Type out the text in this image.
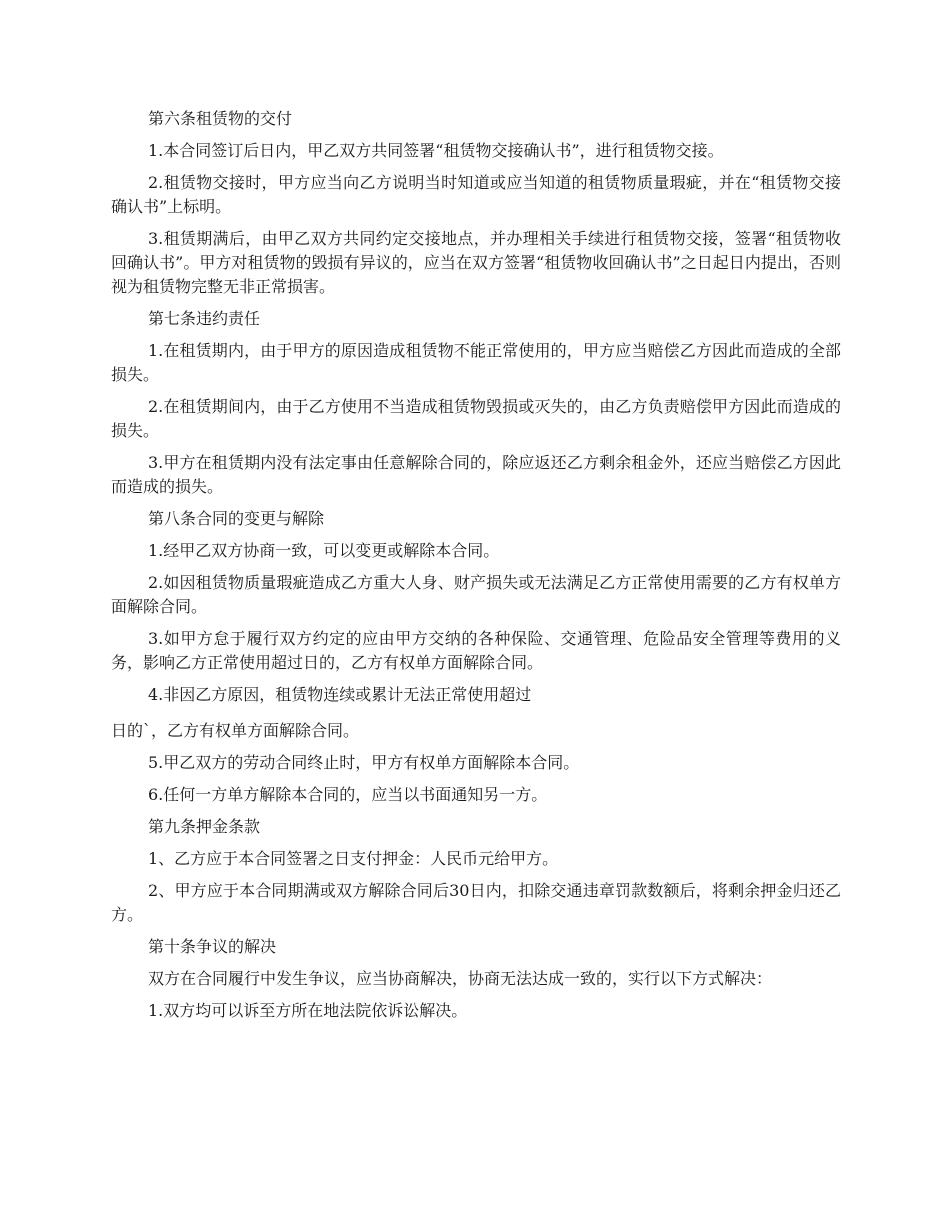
第六条租赁物的交付

1.本合同签订后日内，甲乙双方共同签署“租赁物交接确认书”，进行租赁物交接。

2.租赁物交接时，甲方应当向乙方说明当时知道或应当知道的租赁物质量瑕疵，并在“租赁物交接确认书”上标明。

3.租赁期满后，由甲乙双方共同约定交接地点，并办理相关手续进行租赁物交接，签署“租赁物收回确认书”。甲方对租赁物的毁损有异议的，应当在双方签署“租赁物收回确认书”之日起日内提出，否则视为租赁物完整无非正常损害。

第七条违约责任

1.在租赁期内，由于甲方的原因造成租赁物不能正常使用的，甲方应当赔偿乙方因此而造成的全部损失。

2.在租赁期间内，由于乙方使用不当造成租赁物毁损或灭失的，由乙方负责赔偿甲方因此而造成的损失。

3.甲方在租赁期内没有法定事由任意解除合同的，除应返还乙方剩余租金外，还应当赔偿乙方因此而造成的损失。

第八条合同的变更与解除

1.经甲乙双方协商一致，可以变更或解除本合同。

2.如因租赁物质量瑕疵造成乙方重大人身、财产损失或无法满足乙方正常使用需要的乙方有权单方面解除合同。

3.如甲方怠于履行双方约定的应由甲方交纳的各种保险、交通管理、危险品安全管理等费用的义务，影响乙方正常使用超过日的，乙方有权单方面解除合同。

4.非因乙方原因，租赁物连续或累计无法正常使用超过

日的`，乙方有权单方面解除合同。

5.甲乙双方的劳动合同终止时，甲方有权单方面解除本合同。

6.任何一方单方解除本合同的，应当以书面通知另一方。

第九条押金条款

1、乙方应于本合同签署之日支付押金：人民币元给甲方。

2、甲方应于本合同期满或双方解除合同后30日内，扣除交通违章罚款数额后，将剩余押金归还乙方。

第十条争议的解决

双方在合同履行中发生争议，应当协商解决，协商无法达成一致的，实行以下方式解决：

1.双方均可以诉至方所在地法院依诉讼解决。
